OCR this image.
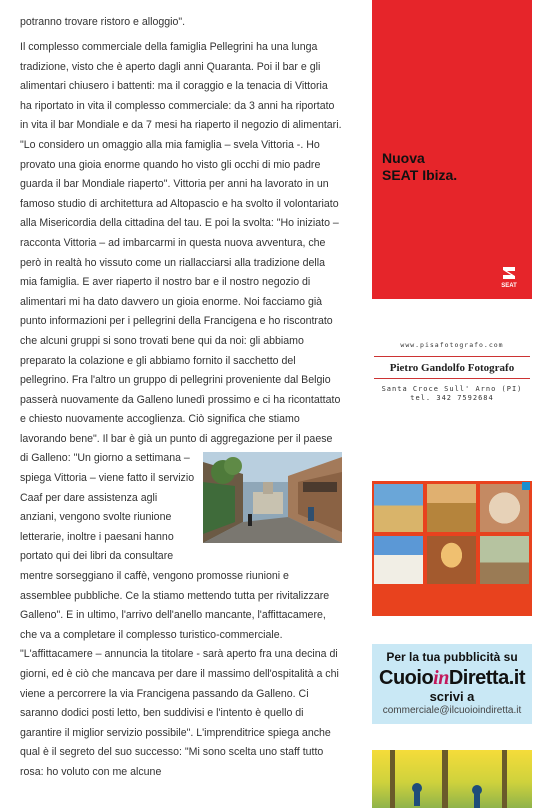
potranno trovare ristoro e alloggio".

Il complesso commerciale della famiglia Pellegrini ha una lunga tradizione, visto che è aperto dagli anni Quaranta. Poi il bar e gli alimentari chiusero i battenti: ma il coraggio e la tenacia di Vittoria ha riportato in vita il complesso commerciale: da 3 anni ha riportato in vita il bar Mondiale e da 7 mesi ha riaperto il negozio di alimentari. "Lo considero un omaggio alla mia famiglia – svela Vittoria -. Ho provato una gioia enorme quando ho visto gli occhi di mio padre guarda il bar Mondiale riaperto". Vittoria per anni ha lavorato in un famoso studio di architettura ad Altopascio e ha svolto il volontariato alla Misericordia della cittadina del tau. E poi la svolta: "Ho iniziato – racconta Vittoria – ad imbarcarmi in questa nuova avventura, che però in realtà ho vissuto come un riallacciarsi alla tradizione della mia famiglia. E aver riaperto il nostro bar e il nostro negozio di alimentari mi ha dato davvero un gioia enorme. Noi facciamo già punto informazioni per i pellegrini della Francigena e ho riscontrato che alcuni gruppi si sono trovati bene qui da noi: gli abbiamo preparato la colazione e gli abbiamo fornito il sacchetto del pellegrino. Fra l'altro un gruppo di pellegrini proveniente dal Belgio passerà nuovamente da Galleno lunedì prossimo e ci ha ricontattato e chiesto nuovamente accoglienza. Ciò significa che stiamo lavorando bene". Il bar è già un punto di aggregazione per il paese di Galleno: "Un giorno a settimana – spiega Vittoria – viene fatto il servizio Caaf per dare assistenza agli anziani, vengono svolte riunione letterarie, inoltre i paesani hanno portato qui dei libri da consultare mentre sorseggiano il caffè, vengono promosse riunioni e assemblee pubbliche. Ce la stiamo mettendo tutta per rivitalizzare Galleno". E in ultimo, l'arrivo dell'anello mancante, l'affittacamere, che va a completare il complesso turistico-commerciale. "L'affittacamere – annuncia la titolare - sarà aperto fra una decina di giorni, ed è ciò che mancava per dare il massimo dell'ospitalità a chi viene a percorrere la via Francigena passando da Galleno. Ci saranno dodici posti letto, ben suddivisi e l'intento è quello di garantire il miglior servizio possibile". L'imprenditrice spiega anche qual è il segreto del suo successo: "Mi sono scelta uno staff tutto rosa: ho voluto con me alcune
Nuova
SEAT Ibiza.
SEAT
www.pisafotografo.com
Pietro Gandolfo Fotografo
Santa Croce Sull' Arno (PI)
tel. 342 7592684
Per la tua pubblicità su
CuoioinDiretta.it
scrivi a
commerciale@ilcuoioindiretta.it
